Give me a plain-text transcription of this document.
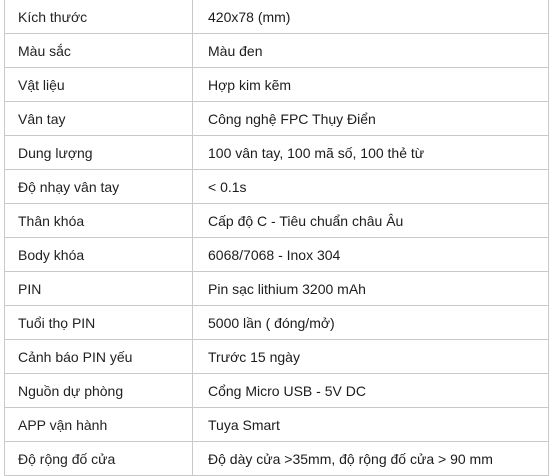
Kích thước	420x78 (mm)
Màu sắc	Màu đen
Vật liệu	Hợp kim kẽm
Vân tay	Công nghệ FPC Thụy Điển
Dung lượng	100 vân tay, 100 mã số, 100 thẻ từ
Độ nhạy vân tay	< 0.1s
Thân khóa	Cấp độ C - Tiêu chuẩn châu Âu
Body khóa	6068/7068 - Inox 304
PIN	Pin sạc lithium 3200 mAh
Tuổi thọ PIN	5000 lần ( đóng/mở)
Cảnh báo PIN yếu	Trước 15 ngày
Nguồn dự phòng	Cổng Micro USB - 5V DC
APP vận hành	Tuya Smart
Độ rộng đố cửa	Độ dày cửa >35mm, độ rộng đố cửa > 90 mm
